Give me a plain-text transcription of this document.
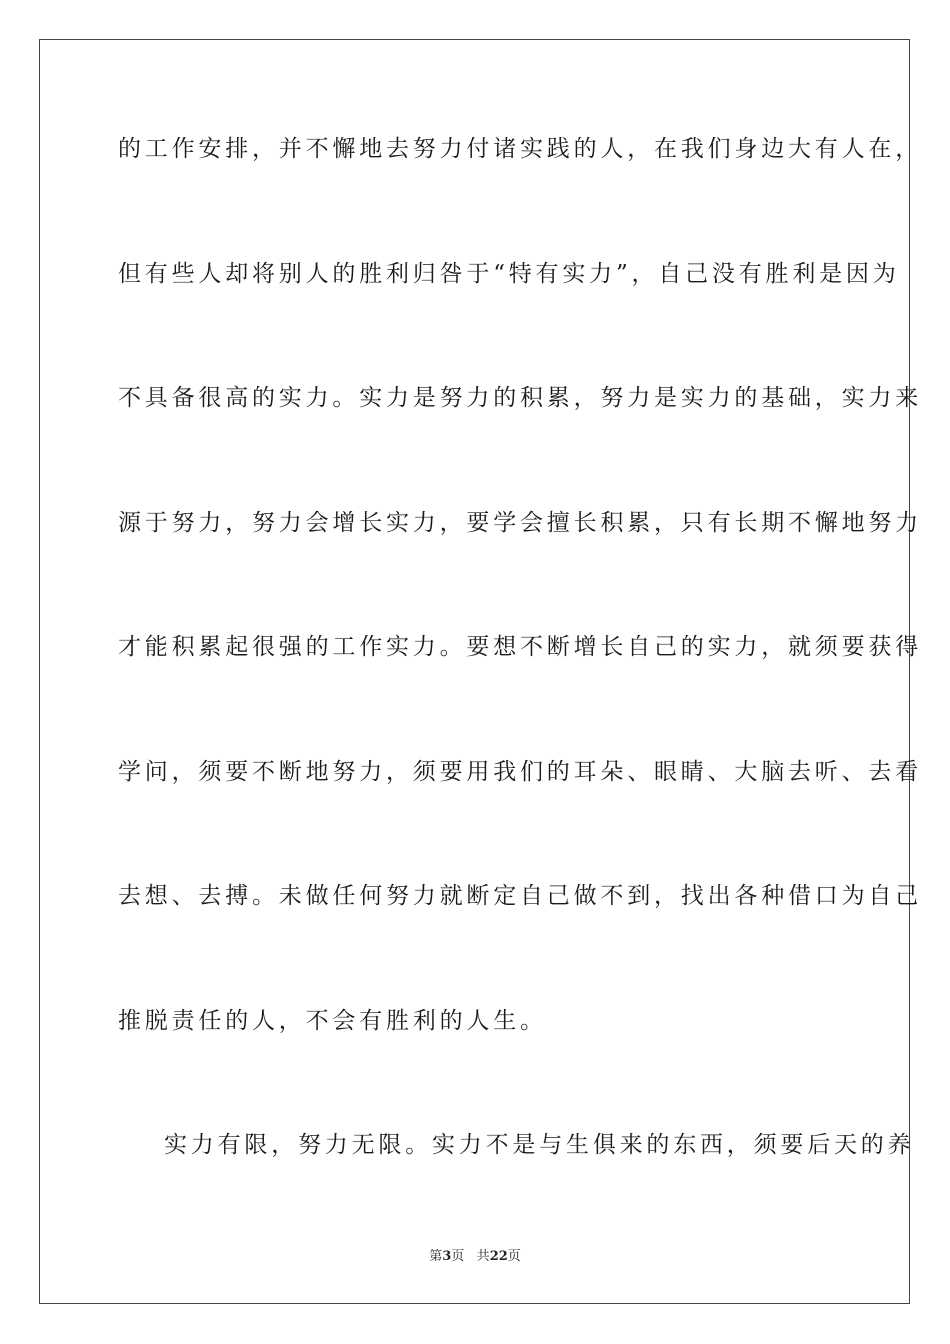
的工作安排，并不懈地去努力付诸实践的人，在我们身边大有人在，
但有些人却将别人的胜利归咎于“特有实力”，自己没有胜利是因为
不具备很高的实力。实力是努力的积累，努力是实力的基础，实力来
源于努力，努力会增长实力，要学会擅长积累，只有长期不懈地努力
才能积累起很强的工作实力。要想不断增长自己的实力，就须要获得
学问，须要不断地努力，须要用我们的耳朵、眼睛、大脑去听、去看
去想、去搏。未做任何努力就断定自己做不到，找出各种借口为自己
推脱责任的人，不会有胜利的人生。
实力有限，努力无限。实力不是与生俱来的东西，须要后天的养
第3页 共22页
